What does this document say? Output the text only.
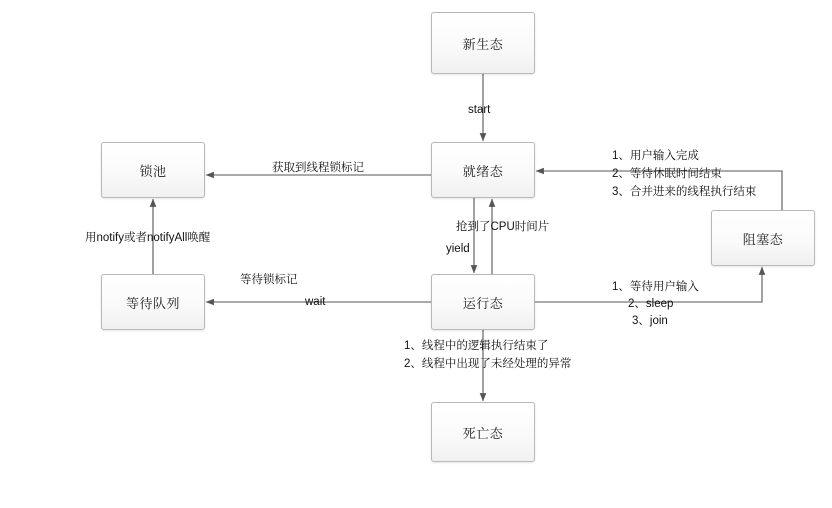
新生态
锁池	就绪态
阻塞态
等待队列	运行态
死亡态
start
获取到线程锁标记
用notify或者notifyAll唤醒
抢到了CPU时间片
yield
等待锁标记
wait
1、等待用户输入
2、sleep
3、join
1、用户输入完成
2、等待休眠时间结束
3、合并进来的线程执行结束
1、线程中的逻辑执行结束了
2、线程中出现了未经处理的异常
